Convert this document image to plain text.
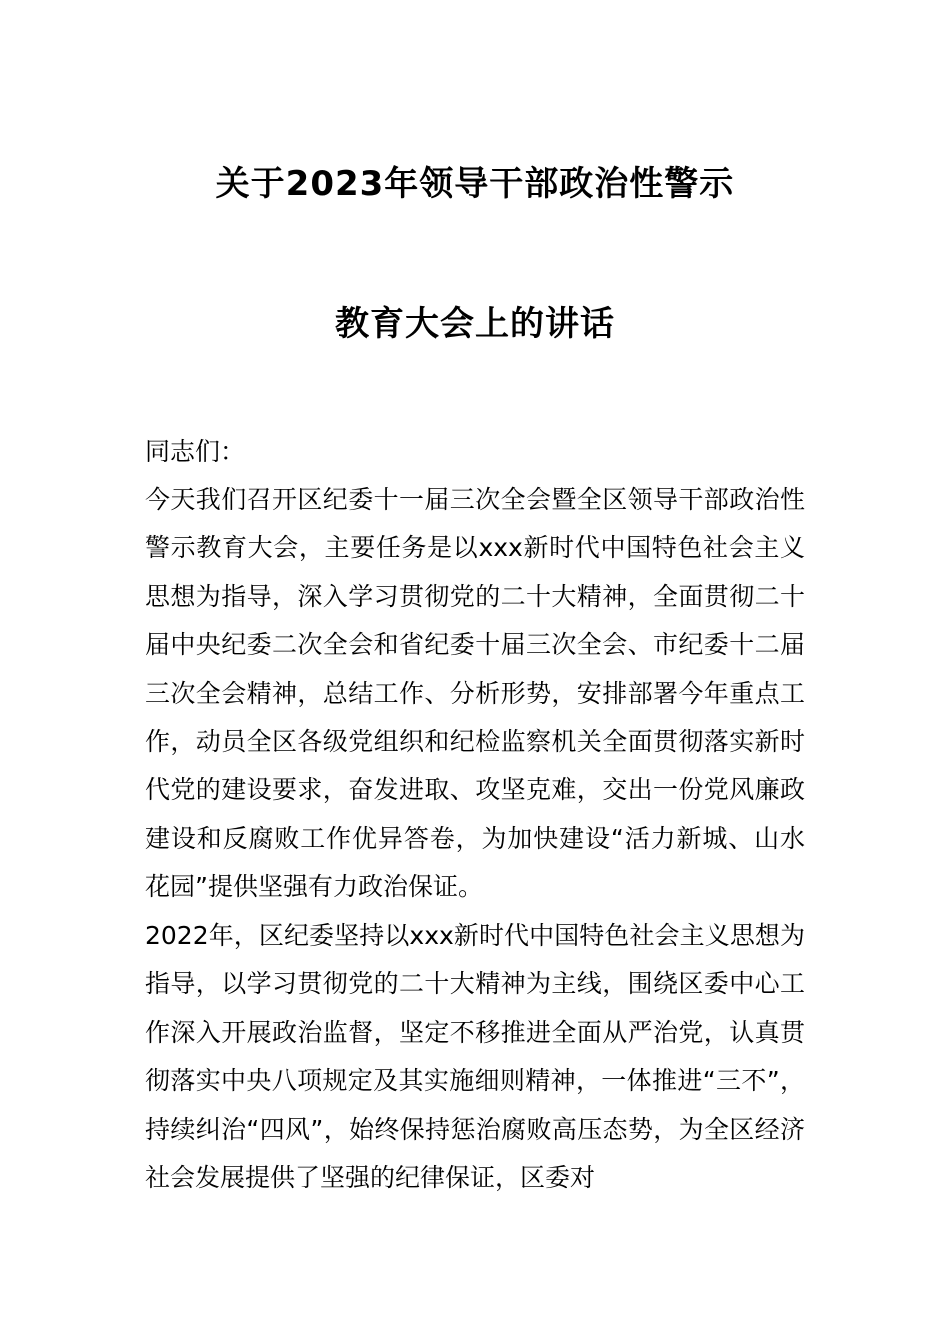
关于2023年领导干部政治性警示
教育大会上的讲话
同志们：

今天我们召开区纪委十一届三次全会暨全区领导干部政治性警示教育大会，主要任务是以xxx新时代中国特色社会主义思想为指导，深入学习贯彻党的二十大精神，全面贯彻二十届中央纪委二次全会和省纪委十届三次全会、市纪委十二届三次全会精神，总结工作、分析形势，安排部署今年重点工作，动员全区各级党组织和纪检监察机关全面贯彻落实新时代党的建设要求，奋发进取、攻坚克难，交出一份党风廉政建设和反腐败工作优异答卷，为加快建设“活力新城、山水花园”提供坚强有力政治保证。

2022年，区纪委坚持以xxx新时代中国特色社会主义思想为指导，以学习贯彻党的二十大精神为主线，围绕区委中心工作深入开展政治监督，坚定不移推进全面从严治党，认真贯彻落实中央八项规定及其实施细则精神，一体推进“三不”，持续纠治“四风”，始终保持惩治腐败高压态势，为全区经济社会发展提供了坚强的纪律保证，区委对
